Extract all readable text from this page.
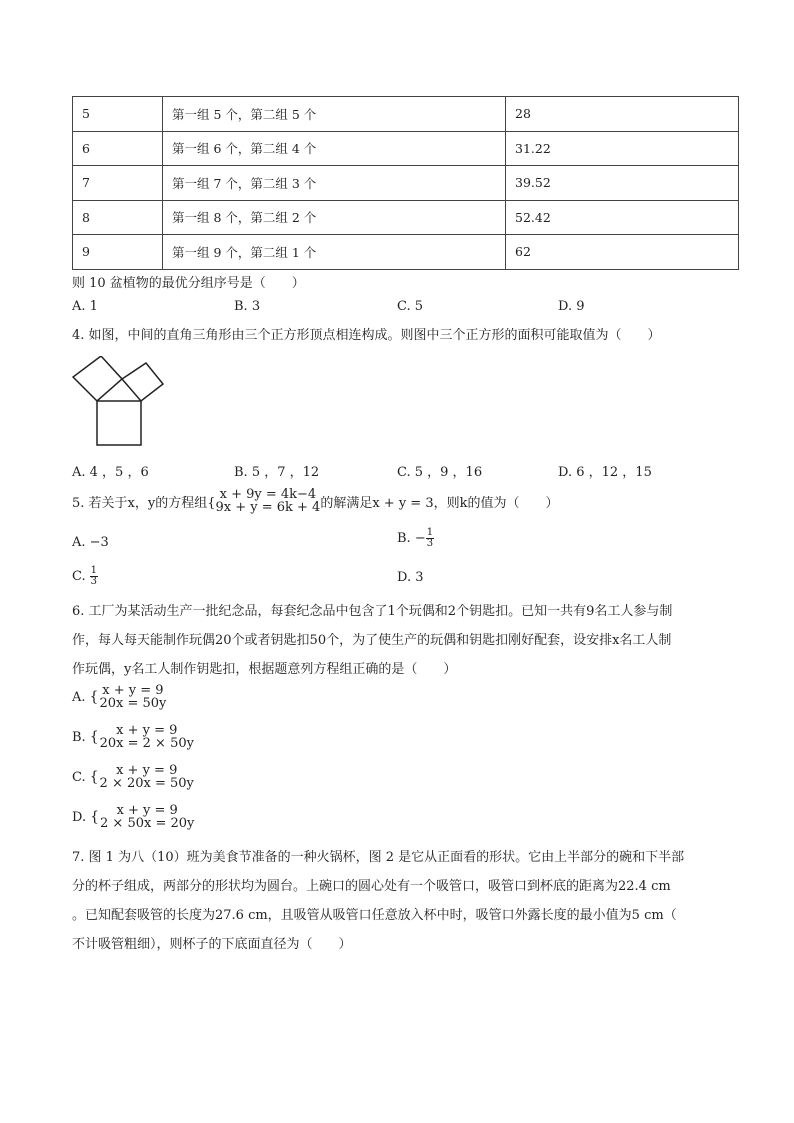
5	第一组 5 个，第二组 5 个	28
6	第一组 6 个，第二组 4 个	31.22
7	第一组 7 个，第二组 3 个	39.52
8	第一组 8 个，第二组 2 个	52.42
9	第一组 9 个，第二组 1 个	62
则 10 盆植物的最优分组序号是（　　）
A. 1	B. 3	C. 5	D. 9
4. 如图，中间的直角三角形由三个正方形顶点相连构成。则图中三个正方形的面积可能取值为（　　）
A. 4 ，5 ，6	B. 5 ，7 ，12	C. 5 ，9 ，16	D. 6 ，12 ，15
5. 若关于x，y的方程组{
x + 9y = 4k−4
9x + y = 6k + 4 的解满足x + y = 3，则k的值为（　　）
A. −3	B. − $\frac{1}{3}$
C. $\frac{1}{3}$	D. 3
6. 工厂为某活动生产一批纪念品，每套纪念品中包含了1个玩偶和2个钥匙扣。已知一共有9名工人参与制
作，每人每天能制作玩偶20个或者钥匙扣50个，为了使生产的玩偶和钥匙扣刚好配套，设安排x名工人制
作玩偶，y名工人制作钥匙扣，根据题意列方程组正确的是（　　）
A. { x + y = 9
20x = 50y
B. {	x + y = 9
20x = 2 × 50y
C. {	x + y = 9
2 × 20x = 50y
D. {	x + y = 9
2 × 50x = 20y
7. 图 1 为八（10）班为美食节准备的一种火锅杯，图 2 是它从正面看的形状。它由上半部分的碗和下半部
分的杯子组成，两部分的形状均为圆台。上碗口的圆心处有一个吸管口，吸管口到杯底的距离为22.4 cm
。已知配套吸管的长度为27.6 cm，且吸管从吸管口任意放入杯中时，吸管口外露长度的最小值为5 cm（
不计吸管粗细），则杯子的下底面直径为（　　）
